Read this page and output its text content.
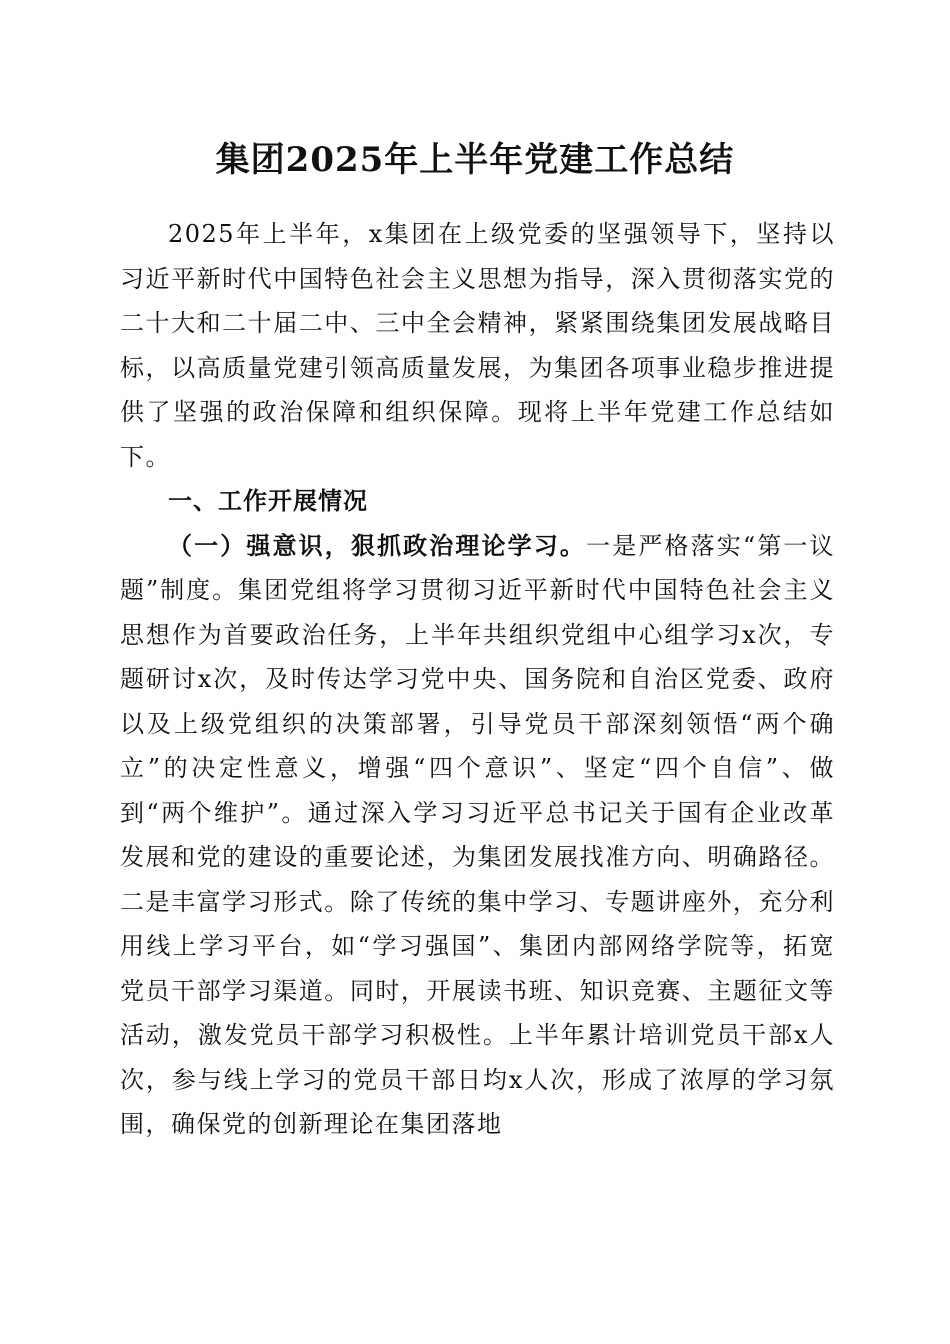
集团2025年上半年党建工作总结

2025年上半年，x集团在上级党委的坚强领导下，坚持以习近平新时代中国特色社会主义思想为指导，深入贯彻落实党的二十大和二十届二中、三中全会精神，紧紧围绕集团发展战略目标，以高质量党建引领高质量发展，为集团各项事业稳步推进提供了坚强的政治保障和组织保障。现将上半年党建工作总结如下。

一、工作开展情况

（一）强意识，狠抓政治理论学习。一是严格落实“第一议题”制度。集团党组将学习贯彻习近平新时代中国特色社会主义思想作为首要政治任务，上半年共组织党组中心组学习x次，专题研讨x次，及时传达学习党中央、国务院和自治区党委、政府以及上级党组织的决策部署，引导党员干部深刻领悟“两个确立”的决定性意义，增强“四个意识”、坚定“四个自信”、做到“两个维护”。通过深入学习习近平总书记关于国有企业改革发展和党的建设的重要论述，为集团发展找准方向、明确路径。二是丰富学习形式。除了传统的集中学习、专题讲座外，充分利用线上学习平台，如“学习强国”、集团内部网络学院等，拓宽党员干部学习渠道。同时，开展读书班、知识竞赛、主题征文等活动，激发党员干部学习积极性。上半年累计培训党员干部x人次，参与线上学习的党员干部日均x人次，形成了浓厚的学习氛围，确保党的创新理论在集团落地
